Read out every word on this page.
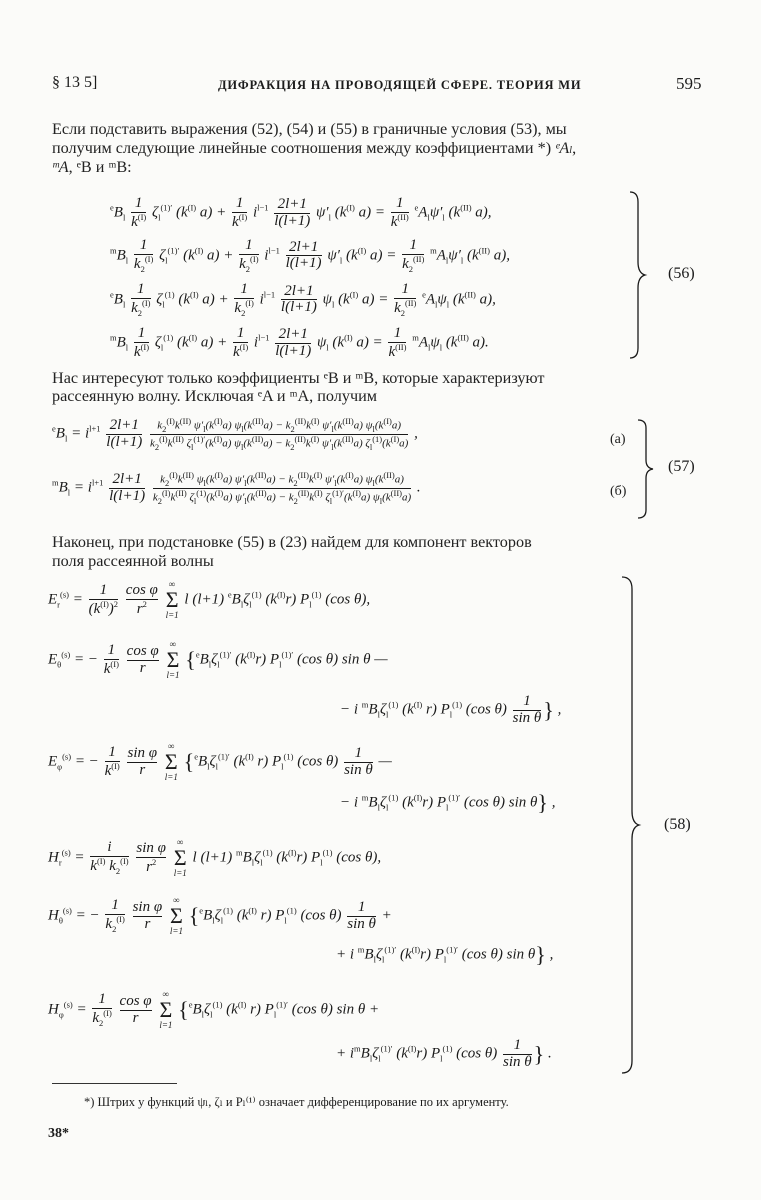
§ 13 5]	ДИФРАКЦИЯ НА ПРОВОДЯЩЕЙ СФЕРЕ. ТЕОРИЯ МИ	595
Если подставить выражения (52), (54) и (55) в граничные условия (53), мы
получим следующие линейные соотношения между коэффициентами *) ᵉAl,
ᵐA, ᵉB и ᵐB:
$^eB_l \frac{1}{k^{(I)}} \zeta_l^{(1)'}$ ($k^{(I)}$ $a) + \frac{1}{k^{(I)}} i^{l-1} \frac{2l+1}{l(l+1)} \psi'_l$ ($k^{(I)}$ $a) = \frac{1}{k^{(II)}} ^eA_l\psi'_l$ ($k^{(II)}$ a),
$^mB_l \frac{1}{k_2^{(I)}} \zeta_l^{(1)'}$ ($k^{(I)}$ $a) + \frac{1}{k_2^{(I)}} i^{l-1} \frac{2l+1}{l(l+1)} \psi'_l$ ($k^{(I)}$ $a) = \frac{1}{k_2^{(II)}} ^mA_l\psi'_l$ ($k^{(II)}$ a),
$^eB_l \frac{1}{k_2^{(I)}} \zeta_l^{(1)}$ ($k^{(I)}$ $a) + \frac{1}{k_2^{(I)}} i^{l-1} \frac{2l+1}{l(l+1)} \psi_l$ ($k^{(I)}$ $a) = \frac{1}{k_2^{(II)}} ^eA_l\psi_l$ ($k^{(II)}$ a),
$^mB_l \frac{1}{k^{(I)}} \zeta_l^{(1)}$ ($k^{(I)}$ $a) + \frac{1}{k^{(I)}} i^{l-1} \frac{2l+1}{l(l+1)} \psi_l$ ($k^{(I)}$ $a) = \frac{1}{k^{(II)}} ^mA_l\psi_l$ ($k^{(II)}$ a).
(56)
Нас интересуют только коэффициенты ᵉB и ᵐB, которые характеризуют
рассеянную волну. Исключая ᵉA и ᵐA, получим
$^eB_l = i^{l+1} \frac{2l+1}{l(l+1)}$
	$k_2^{(I)}k^{(II)}$ $\psi'_l(k^{(I)}a) \psi_l(k^{(II)}a) - k_2^{(II)}k^{(I)}$ $\psi'_l(k^{(II)}a)$ $\psi_l(k^{(I)}a)$
$k_2^{(I)}k^{(II)}$ $\zeta_l^{(1)'}(k^{(I)}a) \psi_l(k^{(II)}a) - k_2^{(II)}k^{(I)}$ $\psi'_l(k^{(II)}a)$ $\zeta_l^{(1)}(k^{(I)}a)$
,	(а)
$^mB_l = i^{l+1} \frac{2l+1}{l(l+1)}$
	$k_2^{(I)}k^{(II)}$ $\psi_l(k^{(I)}a) \psi'_l(k^{(II)}a) - k_2^{(II)}k^{(I)}$ $\psi'_l(k^{(I)}a)$ $\psi_l(k^{(II)}a)$
$k_2^{(I)}k^{(II)}$ $\zeta_l^{(1)}(k^{(I)}a) \psi'_l(k^{(II)}a) - k_2^{(II)}k^{(I)}$ $\zeta_l^{(1)'}(k^{(I)}a)$ $\psi_l(k^{(II)}a)$
.	(б)
(57)
Наконец, при подстановке (55) в (23) найдем для компонент векторов
поля рассеянной волны
$E_r^{(s)} = \frac{1}{(k^{(I)})^2}$
$\frac{\text{cos φ}}{r^2}$
	∞
Σ
l=1
l (l+1) $^eB_l\zeta_l^{(1)}$ $(k^{(I)}r)$ $P_l^{(1)}$ (cos θ),
$E_\theta^{(s)}$ = − $\frac{1}{k^{(I)}}$
$\frac{\text{cos φ}}{r}$
	∞
Σ
l=1
{$^eB_l\zeta_l^{(1)'}$ $(k^{(I)}r)$ $P_l^{(1)'}$ (cos θ) sin θ —
− i $^mB_l\zeta_l^{(1)}$ ($k^{(I)}$ r) $P_l^{(1)}$ (cos $\theta) \frac{1}{\text{sin θ}}$ } ,
$E_\varphi^{(s)}$ = − $\frac{1}{k^{(I)}}$
$\frac{\text{sin φ}}{r}$
	∞
Σ
l=1
{$^eB_l\zeta_l^{(1)'}$ ($k^{(I)}$ r) $P_l^{(1)}$ (cos $\theta) \frac{1}{\text{sin θ}}$ —
− i $^mB_l\zeta_l^{(1)}$ $(k^{(I)}r)$ $P_l^{(1)'}$ (cos θ) sin θ} ,
$H_r^{(s)} = \frac{i}{k^{(I)} k_2^{(I)}}$
$\frac{\text{sin φ}}{r^2}$
	∞
Σ
l=1
l (l+1) $^mB_l\zeta_l^{(1)}$ $(k^{(I)}r)$ $P_l^{(1)}$ (cos θ),
$H_\theta^{(s)}$ = − $\frac{1}{k_2^{(I)}}$
$\frac{\text{sin φ}}{r}$
	∞
Σ
l=1
{$^eB_l\zeta_l^{(1)}$ ($k^{(I)}$ r) $P_l^{(1)}$ (cos $\theta) \frac{1}{\text{sin θ}}$ +
+ i $^mB_l\zeta_l^{(1)'}$ $(k^{(I)}r)$ $P_l^{(1)'}$ (cos θ) sin θ} ,
$H_\varphi^{(s)} = \frac{1}{k_2^{(I)}}$
$\frac{\text{cos φ}}{r}$
	∞
Σ
l=1
{$^eB_l\zeta_l^{(1)}$ ($k^{(I)}$ r) $P_l^{(1)'}$ (cos θ) sin θ +
+ $i^mB_l\zeta_l^{(1)'}$ $(k^{(I)}r)$ $P_l^{(1)}$ (cos $\theta) \frac{1}{\text{sin θ}}$ } .
(58)
*) Штрих у функций ψₗ, ζₗ и Pₗ⁽¹⁾ означает дифференцирование по их аргументу.
38*
